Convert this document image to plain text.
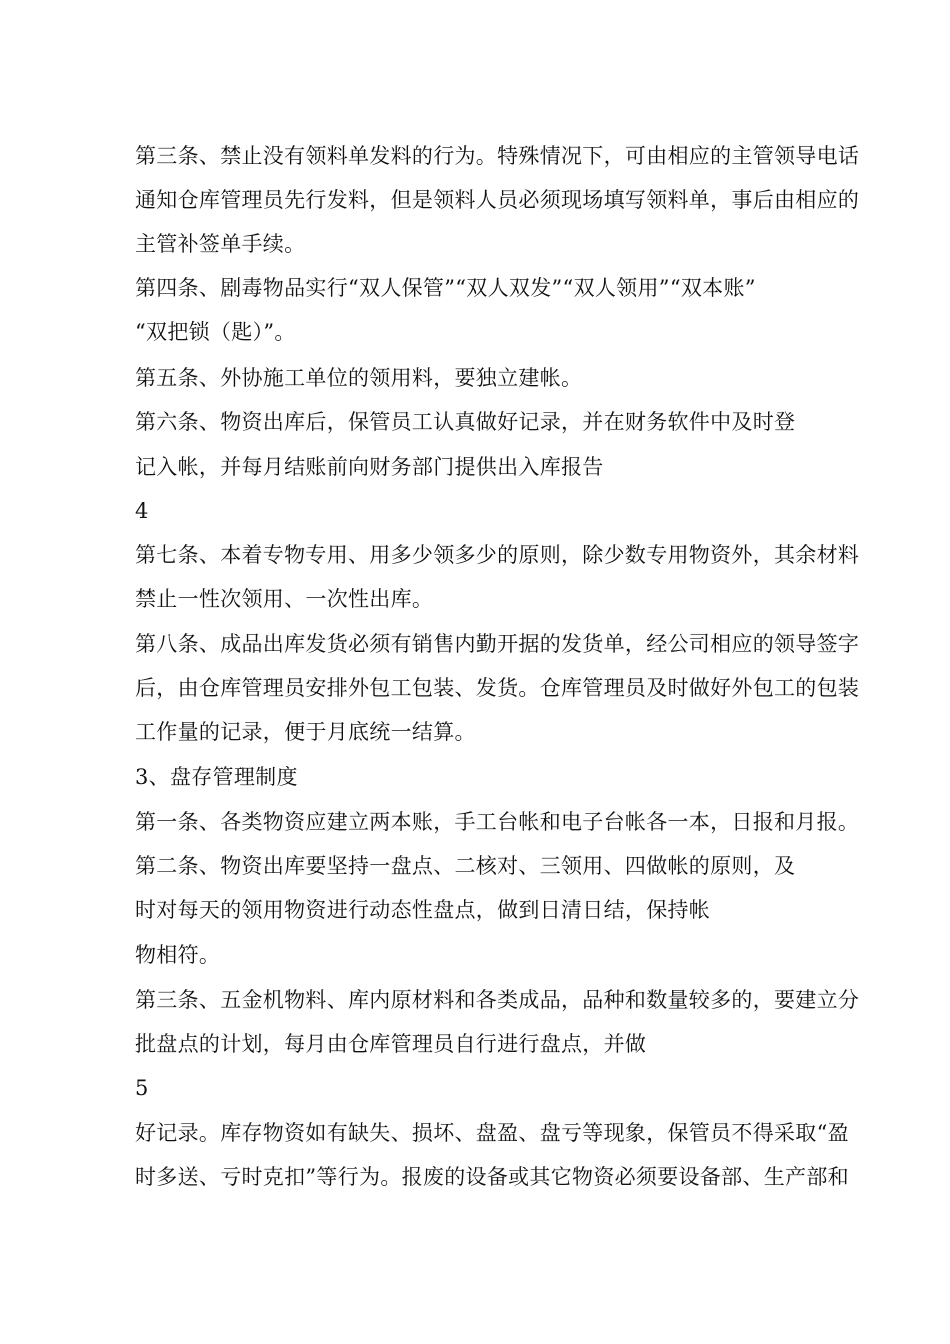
第三条、禁止没有领料单发料的行为。特殊情况下，可由相应的主管领导电话
通知仓库管理员先行发料，但是领料人员必须现场填写领料单，事后由相应的
主管补签单手续。
第四条、剧毒物品实行“双人保管”“双人双发”“双人领用”“双本账”
“双把锁（匙）”。
第五条、外协施工单位的领用料，要独立建帐。
第六条、物资出库后，保管员工认真做好记录，并在财务软件中及时登
记入帐，并每月结账前向财务部门提供出入库报告
4
第七条、本着专物专用、用多少领多少的原则，除少数专用物资外，其余材料
禁止一性次领用、一次性出库。
第八条、成品出库发货必须有销售内勤开据的发货单，经公司相应的领导签字
后，由仓库管理员安排外包工包装、发货。仓库管理员及时做好外包工的包装
工作量的记录，便于月底统一结算。
3、盘存管理制度
第一条、各类物资应建立两本账，手工台帐和电子台帐各一本，日报和月报。
第二条、物资出库要坚持一盘点、二核对、三领用、四做帐的原则，及
时对每天的领用物资进行动态性盘点，做到日清日结，保持帐
物相符。
第三条、五金机物料、库内原材料和各类成品，品种和数量较多的，要建立分
批盘点的计划，每月由仓库管理员自行进行盘点，并做
5
好记录。库存物资如有缺失、损坏、盘盈、盘亏等现象，保管员不得采取“盈
时多送、亏时克扣”等行为。报废的设备或其它物资必须要设备部、生产部和
